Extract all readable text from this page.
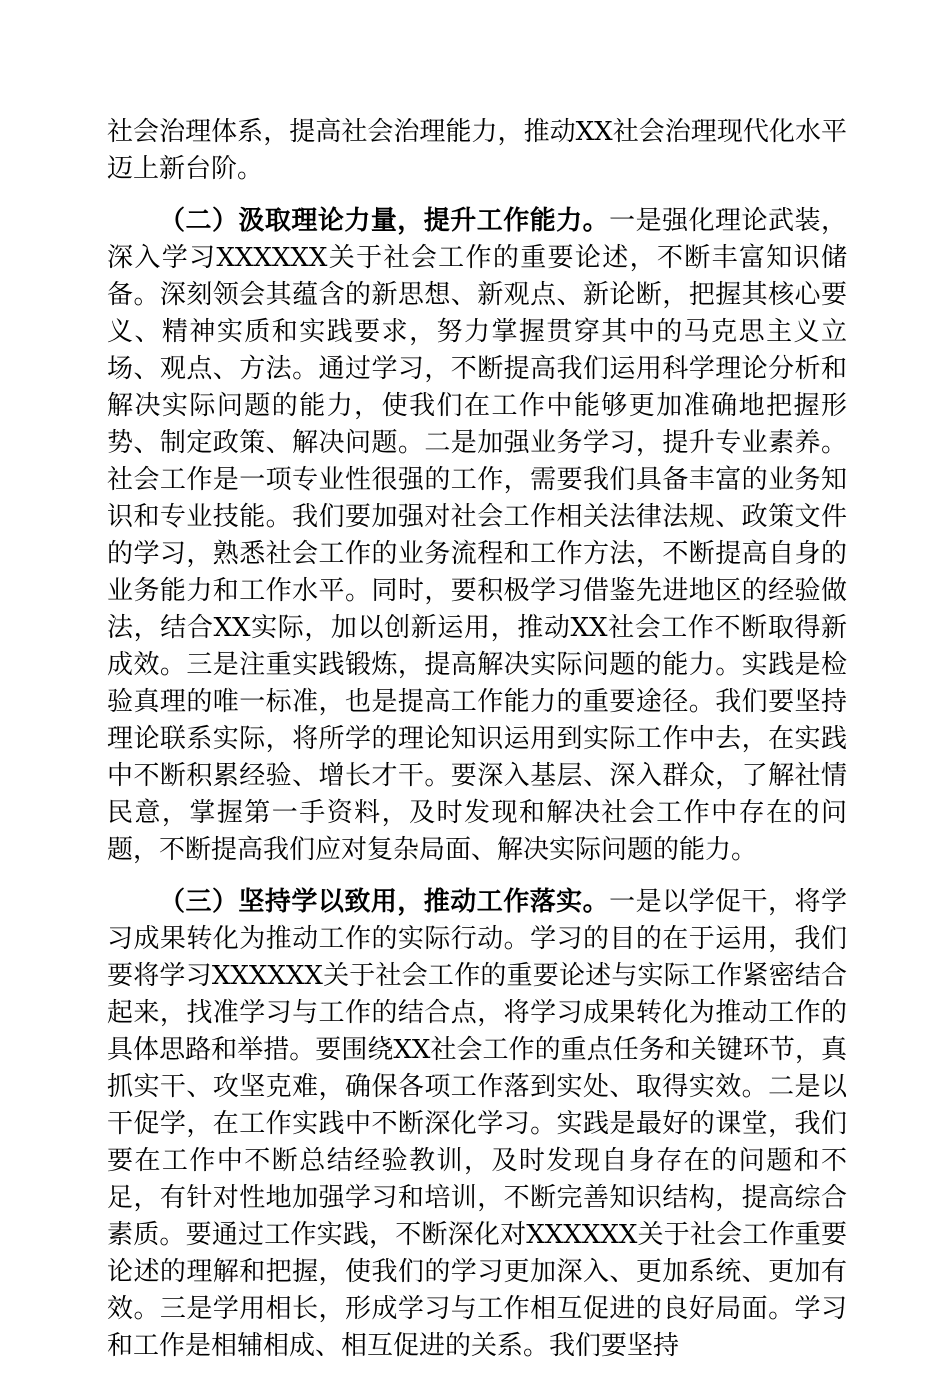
社会治理体系，提高社会治理能力，推动XX社会治理现代化水平迈上新台阶。

（二）汲取理论力量，提升工作能力。一是强化理论武装，深入学习XXXXXX关于社会工作的重要论述，不断丰富知识储备。深刻领会其蕴含的新思想、新观点、新论断，把握其核心要义、精神实质和实践要求，努力掌握贯穿其中的马克思主义立场、观点、方法。通过学习，不断提高我们运用科学理论分析和解决实际问题的能力，使我们在工作中能够更加准确地把握形势、制定政策、解决问题。二是加强业务学习，提升专业素养。社会工作是一项专业性很强的工作，需要我们具备丰富的业务知识和专业技能。我们要加强对社会工作相关法律法规、政策文件的学习，熟悉社会工作的业务流程和工作方法，不断提高自身的业务能力和工作水平。同时，要积极学习借鉴先进地区的经验做法，结合XX实际，加以创新运用，推动XX社会工作不断取得新成效。三是注重实践锻炼，提高解决实际问题的能力。实践是检验真理的唯一标准，也是提高工作能力的重要途径。我们要坚持理论联系实际，将所学的理论知识运用到实际工作中去，在实践中不断积累经验、增长才干。要深入基层、深入群众，了解社情民意，掌握第一手资料，及时发现和解决社会工作中存在的问题，不断提高我们应对复杂局面、解决实际问题的能力。

（三）坚持学以致用，推动工作落实。一是以学促干，将学习成果转化为推动工作的实际行动。学习的目的在于运用，我们要将学习XXXXXX关于社会工作的重要论述与实际工作紧密结合起来，找准学习与工作的结合点，将学习成果转化为推动工作的具体思路和举措。要围绕XX社会工作的重点任务和关键环节，真抓实干、攻坚克难，确保各项工作落到实处、取得实效。二是以干促学，在工作实践中不断深化学习。实践是最好的课堂，我们要在工作中不断总结经验教训，及时发现自身存在的问题和不足，有针对性地加强学习和培训，不断完善知识结构，提高综合素质。要通过工作实践，不断深化对XXXXXX关于社会工作重要论述的理解和把握，使我们的学习更加深入、更加系统、更加有效。三是学用相长，形成学习与工作相互促进的良好局面。学习和工作是相辅相成、相互促进的关系。我们要坚持
